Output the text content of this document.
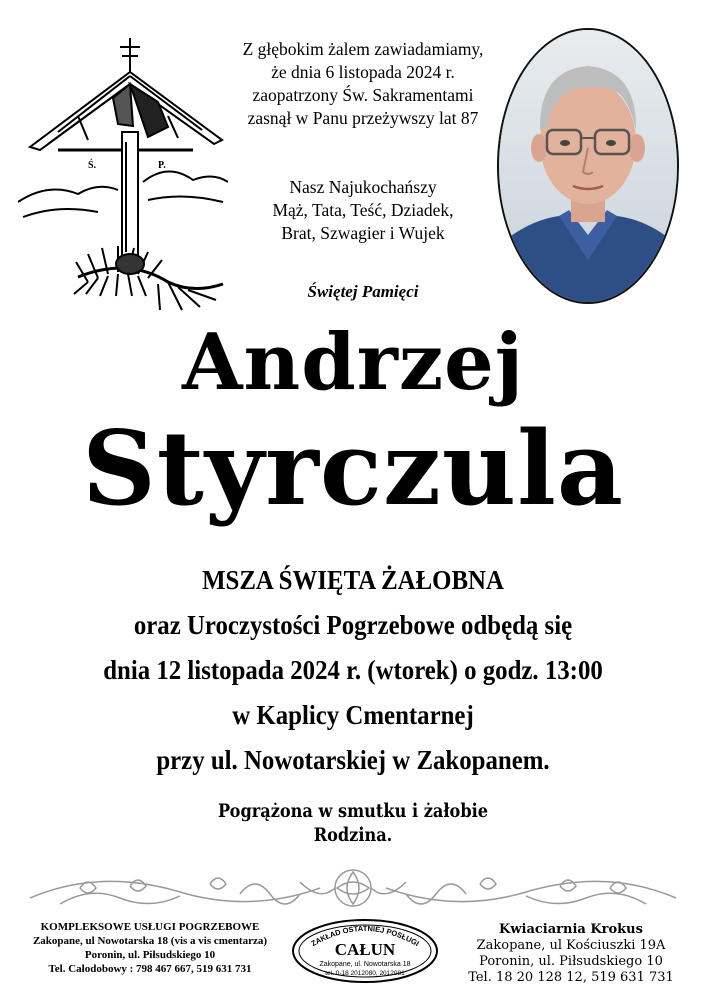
Ś.	P.
Z głębokim żalem zawiadamiamy,
że dnia 6 listopada 2024 r.
zaopatrzony Św. Sakramentami
zasnął w Panu przeżywszy lat 87
Nasz Najukochańszy
Mąż, Tata, Teść, Dziadek,
Brat, Szwagier i Wujek
Świętej Pamięci
Andrzej
Styrczula
MSZA ŚWIĘTA ŻAŁOBNA
oraz Uroczystości Pogrzebowe odbędą się
dnia 12 listopada 2024 r. (wtorek) o godz. 13:00
w Kaplicy Cmentarnej
przy ul. Nowotarskiej w Zakopanem.
Pogrążona w smutku i żałobie
Rodzina.
KOMPLEKSOWE USŁUGI POGRZEBOWE
Zakopane, ul Nowotarska 18 (vis a vis cmentarza)
Poronin, ul. Piłsudskiego 10
Tel. Całodobowy : 798 467 667, 519 631 731
ZAKŁAD OSTATNIEJ POSŁUGI
CAŁUN
Zakopane, ul. Nowotarska 18
tel. 0-18 2012080, 2012081
Kwiaciarnia Krokus
Zakopane, ul Kościuszki 19A
Poronin, ul. Piłsudskiego 10
Tel. 18 20 128 12, 519 631 731
